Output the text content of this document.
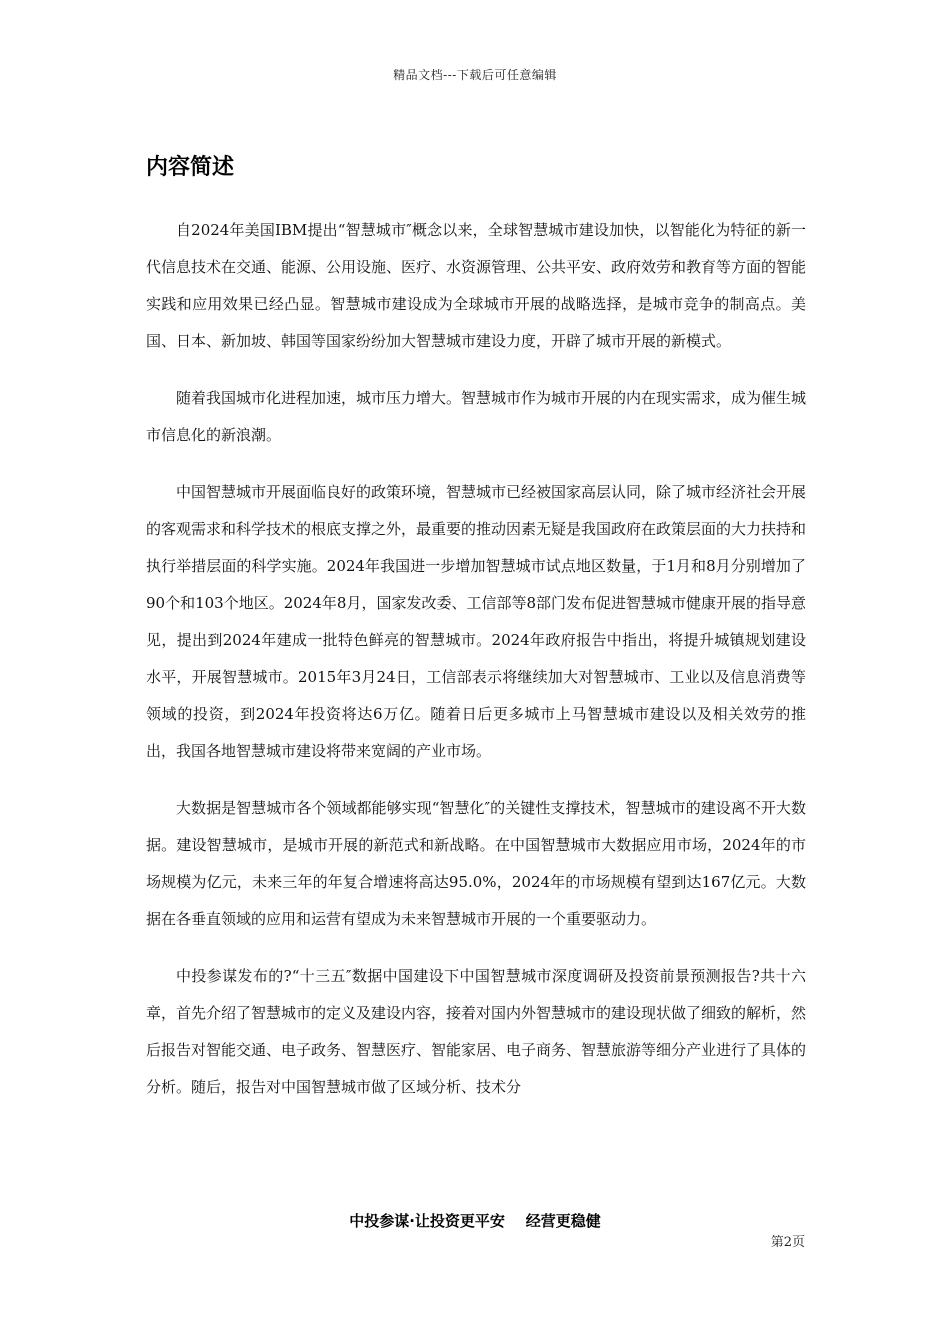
精品文档---下载后可任意编辑
内容简述

自2024年美国IBM提出“智慧城市″概念以来，全球智慧城市建设加快，以智能化为特征的新一代信息技术在交通、能源、公用设施、医疗、水资源管理、公共平安、政府效劳和教育等方面的智能实践和应用效果已经凸显。智慧城市建设成为全球城市开展的战略选择，是城市竞争的制高点。美国、日本、新加坡、韩国等国家纷纷加大智慧城市建设力度，开辟了城市开展的新模式。

随着我国城市化进程加速，城市压力增大。智慧城市作为城市开展的内在现实需求，成为催生城市信息化的新浪潮。

中国智慧城市开展面临良好的政策环境，智慧城市已经被国家高层认同，除了城市经济社会开展的客观需求和科学技术的根底支撑之外，最重要的推动因素无疑是我国政府在政策层面的大力扶持和执行举措层面的科学实施。2024年我国进一步增加智慧城市试点地区数量，于1月和8月分别增加了90个和103个地区。2024年8月，国家发改委、工信部等8部门发布促进智慧城市健康开展的指导意见，提出到2024年建成一批特色鲜亮的智慧城市。2024年政府报告中指出，将提升城镇规划建设水平，开展智慧城市。2015年3月24日，工信部表示将继续加大对智慧城市、工业以及信息消费等领域的投资，到2024年投资将达6万亿。随着日后更多城市上马智慧城市建设以及相关效劳的推出，我国各地智慧城市建设将带来宽阔的产业市场。

大数据是智慧城市各个领域都能够实现“智慧化″的关键性支撑技术，智慧城市的建设离不开大数据。建设智慧城市，是城市开展的新范式和新战略。在中国智慧城市大数据应用市场，2024年的市场规模为亿元，未来三年的年复合增速将高达95.0%，2024年的市场规模有望到达167亿元。大数据在各垂直领域的应用和运营有望成为未来智慧城市开展的一个重要驱动力。

中投参谋发布的?“十三五″数据中国建设下中国智慧城市深度调研及投资前景预测报告?共十六章，首先介绍了智慧城市的定义及建设内容，接着对国内外智慧城市的建设现状做了细致的解析，然后报告对智能交通、电子政务、智慧医疗、智能家居、电子商务、智慧旅游等细分产业进行了具体的分析。随后，报告对中国智慧城市做了区域分析、技术分

中投参谋·让投资更平安    经营更稳健
第2页
